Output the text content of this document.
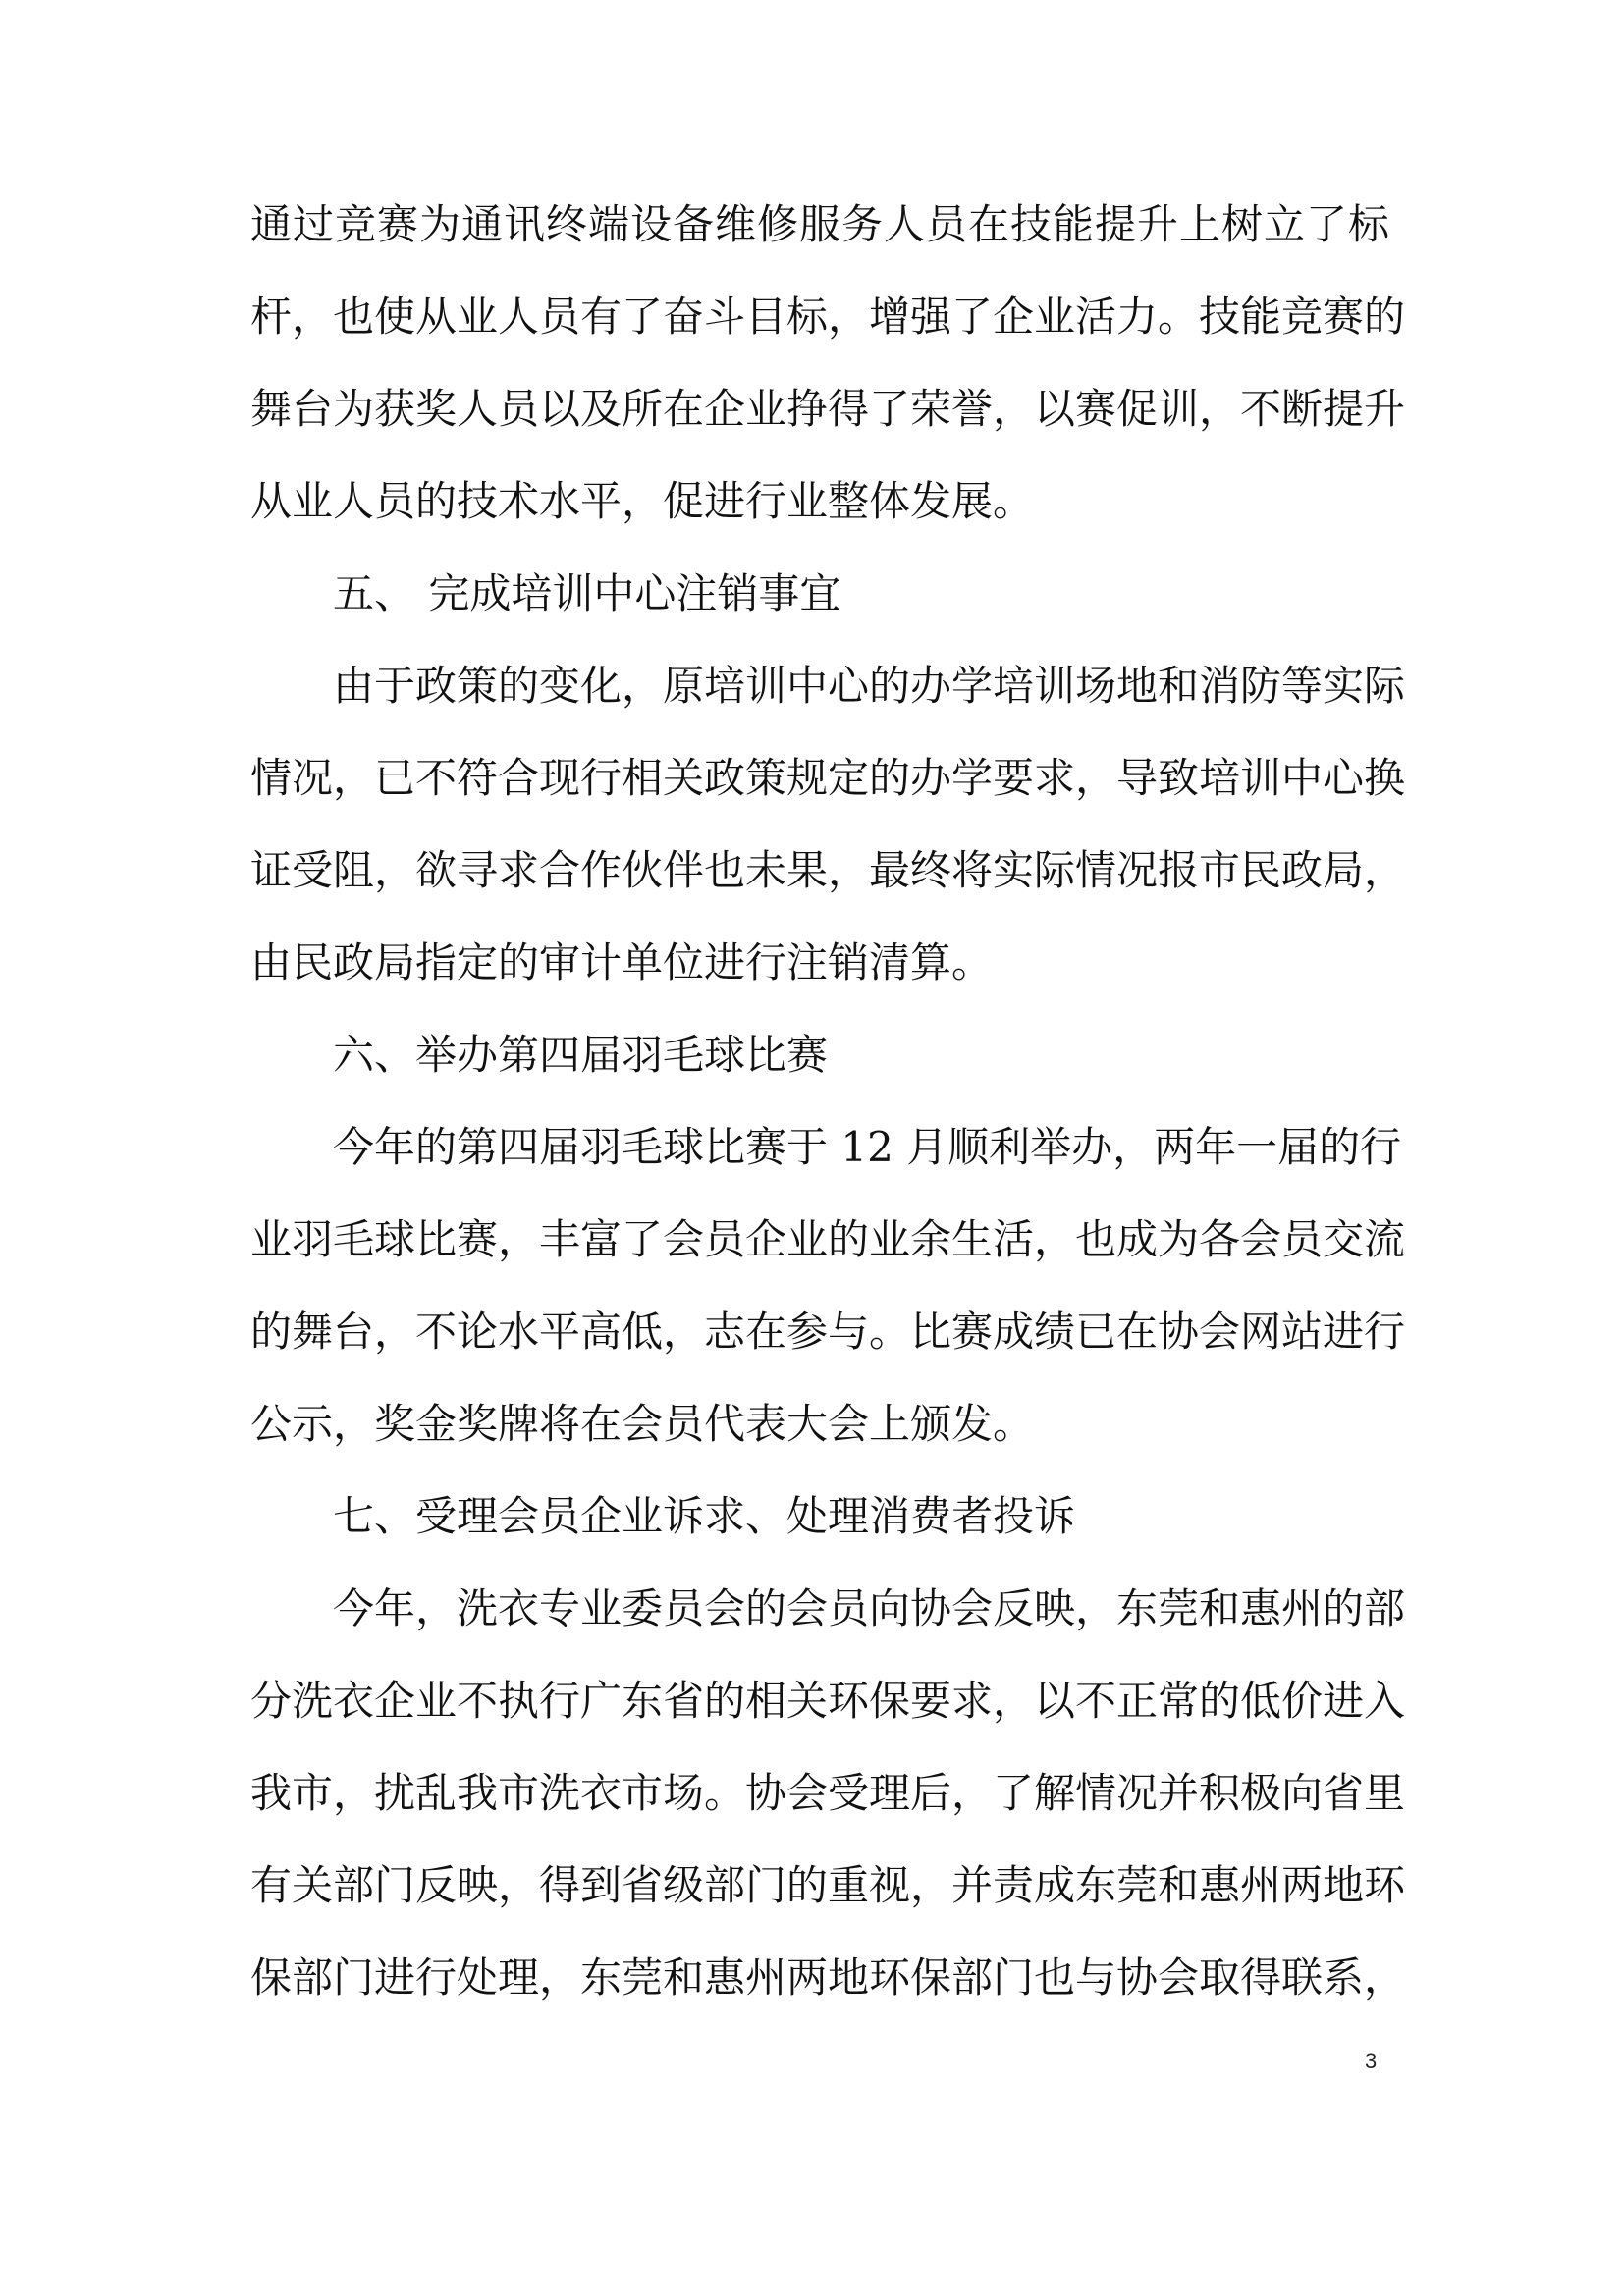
通过竞赛为通讯终端设备维修服务人员在技能提升上树立了标
杆，也使从业人员有了奋斗目标，增强了企业活力。技能竞赛的
舞台为获奖人员以及所在企业挣得了荣誉，以赛促训，不断提升
从业人员的技术水平，促进行业整体发展。
五、 完成培训中心注销事宜
由于政策的变化，原培训中心的办学培训场地和消防等实际
情况，已不符合现行相关政策规定的办学要求，导致培训中心换
证受阻，欲寻求合作伙伴也未果，最终将实际情况报市民政局，
由民政局指定的审计单位进行注销清算。
六、举办第四届羽毛球比赛
今年的第四届羽毛球比赛于 12 月顺利举办，两年一届的行
业羽毛球比赛，丰富了会员企业的业余生活，也成为各会员交流
的舞台，不论水平高低，志在参与。比赛成绩已在协会网站进行
公示，奖金奖牌将在会员代表大会上颁发。
七、受理会员企业诉求、处理消费者投诉
今年，洗衣专业委员会的会员向协会反映，东莞和惠州的部
分洗衣企业不执行广东省的相关环保要求，以不正常的低价进入
我市，扰乱我市洗衣市场。协会受理后，了解情况并积极向省里
有关部门反映，得到省级部门的重视，并责成东莞和惠州两地环
保部门进行处理，东莞和惠州两地环保部门也与协会取得联系，
3
